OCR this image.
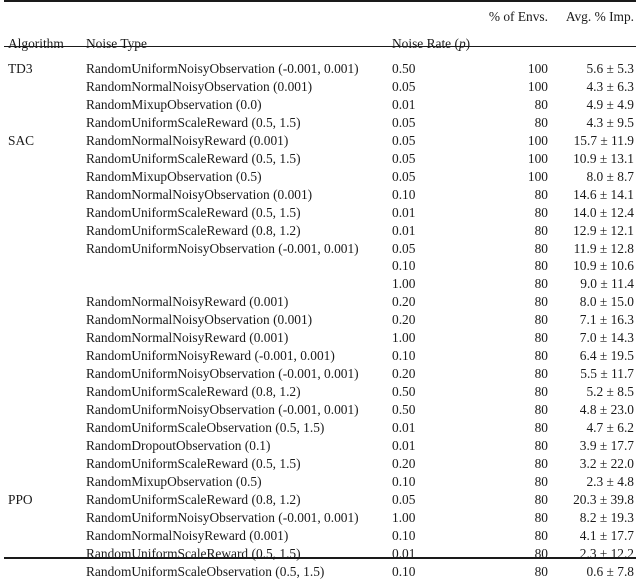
Algorithm	Noise Type	Noise Rate (p)	% of Envs.	Avg. % Imp.
TD3	RandomUniformNoisyObservation (-0.001, 0.001)	0.50	100	5.6 ± 5.3
	RandomNormalNoisyObservation (0.001)	0.05	100	4.3 ± 6.3
	RandomMixupObservation (0.0)	0.01	80	4.9 ± 4.9
	RandomUniformScaleReward (0.5, 1.5)	0.05	80	4.3 ± 9.5
SAC	RandomNormalNoisyReward (0.001)	0.05	100	15.7 ± 11.9
	RandomUniformScaleReward (0.5, 1.5)	0.05	100	10.9 ± 13.1
	RandomMixupObservation (0.5)	0.05	100	8.0 ± 8.7
	RandomNormalNoisyObservation (0.001)	0.10	80	14.6 ± 14.1
	RandomUniformScaleReward (0.5, 1.5)	0.01	80	14.0 ± 12.4
	RandomUniformScaleReward (0.8, 1.2)	0.01	80	12.9 ± 12.1
	RandomUniformNoisyObservation (-0.001, 0.001)	0.05	80	11.9 ± 12.8
		0.10	80	10.9 ± 10.6
		1.00	80	9.0 ± 11.4
	RandomNormalNoisyReward (0.001)	0.20	80	8.0 ± 15.0
	RandomNormalNoisyObservation (0.001)	0.20	80	7.1 ± 16.3
	RandomNormalNoisyReward (0.001)	1.00	80	7.0 ± 14.3
	RandomUniformNoisyReward (-0.001, 0.001)	0.10	80	6.4 ± 19.5
	RandomUniformNoisyObservation (-0.001, 0.001)	0.20	80	5.5 ± 11.7
	RandomUniformScaleReward (0.8, 1.2)	0.50	80	5.2 ± 8.5
	RandomUniformNoisyObservation (-0.001, 0.001)	0.50	80	4.8 ± 23.0
	RandomUniformScaleObservation (0.5, 1.5)	0.01	80	4.7 ± 6.2
	RandomDropoutObservation (0.1)	0.01	80	3.9 ± 17.7
	RandomUniformScaleReward (0.5, 1.5)	0.20	80	3.2 ± 22.0
	RandomMixupObservation (0.5)	0.10	80	2.3 ± 4.8
PPO	RandomUniformScaleReward (0.8, 1.2)	0.05	80	20.3 ± 39.8
	RandomUniformNoisyObservation (-0.001, 0.001)	1.00	80	8.2 ± 19.3
	RandomNormalNoisyReward (0.001)	0.10	80	4.1 ± 17.7
	RandomUniformScaleReward (0.5, 1.5)	0.01	80	2.3 ± 12.2
	RandomUniformScaleObservation (0.5, 1.5)	0.10	80	0.6 ± 7.8
